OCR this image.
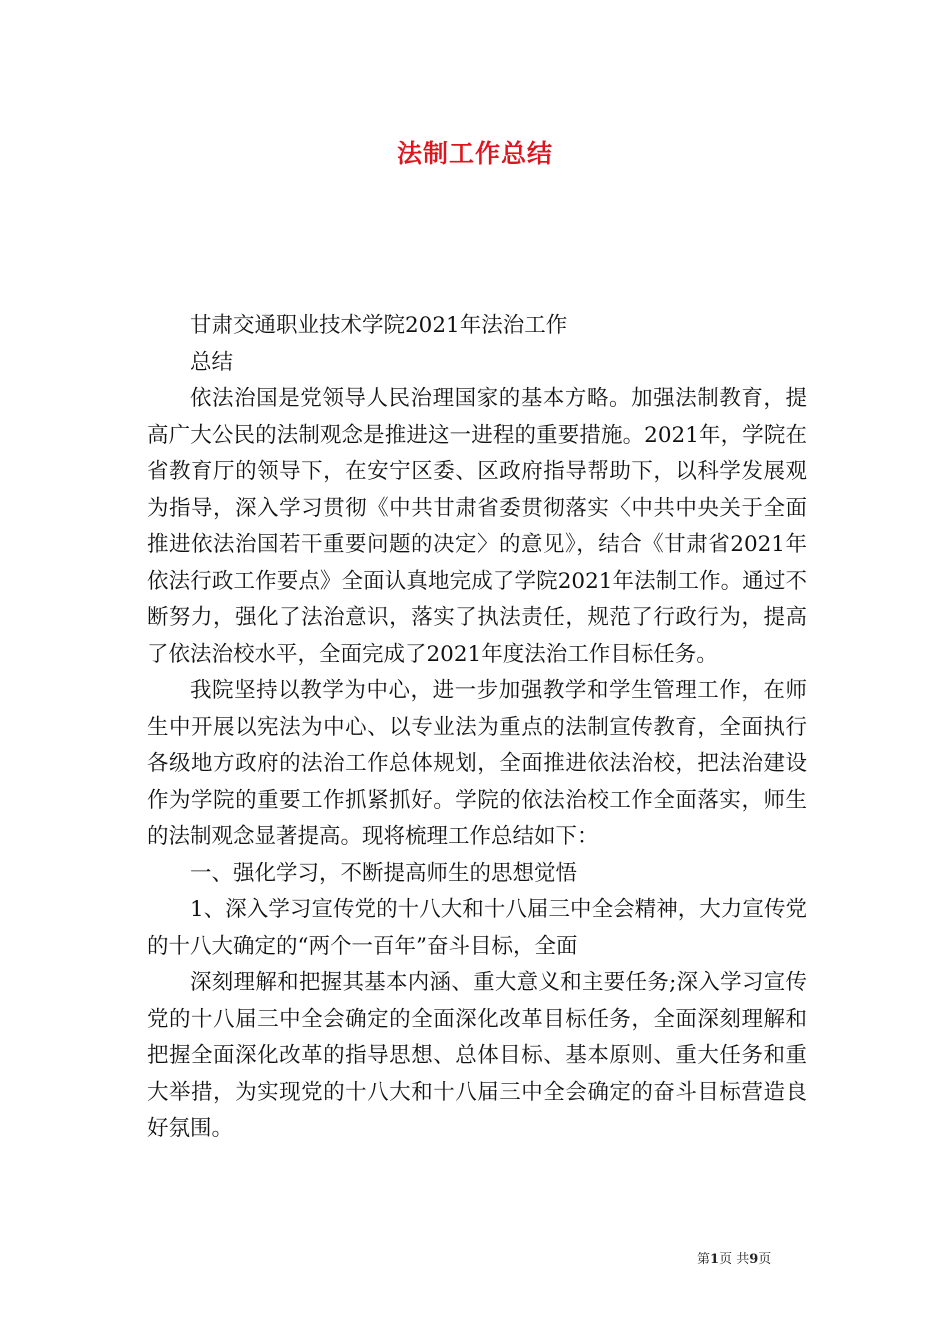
法制工作总结

甘肃交通职业技术学院2021年法治工作

总结

依法治国是党领导人民治理国家的基本方略。加强法制教育，提高广大公民的法制观念是推进这一进程的重要措施。2021年，学院在省教育厅的领导下，在安宁区委、区政府指导帮助下，以科学发展观为指导，深入学习贯彻《中共甘肃省委贯彻落实〈中共中央关于全面推进依法治国若干重要问题的决定〉的意见》，结合《甘肃省2021年依法行政工作要点》全面认真地完成了学院2021年法制工作。通过不断努力，强化了法治意识，落实了执法责任，规范了行政行为，提高了依法治校水平，全面完成了2021年度法治工作目标任务。

我院坚持以教学为中心，进一步加强教学和学生管理工作，在师生中开展以宪法为中心、以专业法为重点的法制宣传教育，全面执行各级地方政府的法治工作总体规划，全面推进依法治校，把法治建设作为学院的重要工作抓紧抓好。学院的依法治校工作全面落实，师生的法制观念显著提高。现将梳理工作总结如下：

一、强化学习，不断提高师生的思想觉悟

1、深入学习宣传党的十八大和十八届三中全会精神，大力宣传党的十八大确定的“两个一百年”奋斗目标，全面

深刻理解和把握其基本内涵、重大意义和主要任务;深入学习宣传党的十八届三中全会确定的全面深化改革目标任务，全面深刻理解和把握全面深化改革的指导思想、总体目标、基本原则、重大任务和重大举措，为实现党的十八大和十八届三中全会确定的奋斗目标营造良好氛围。

第1页 共9页
